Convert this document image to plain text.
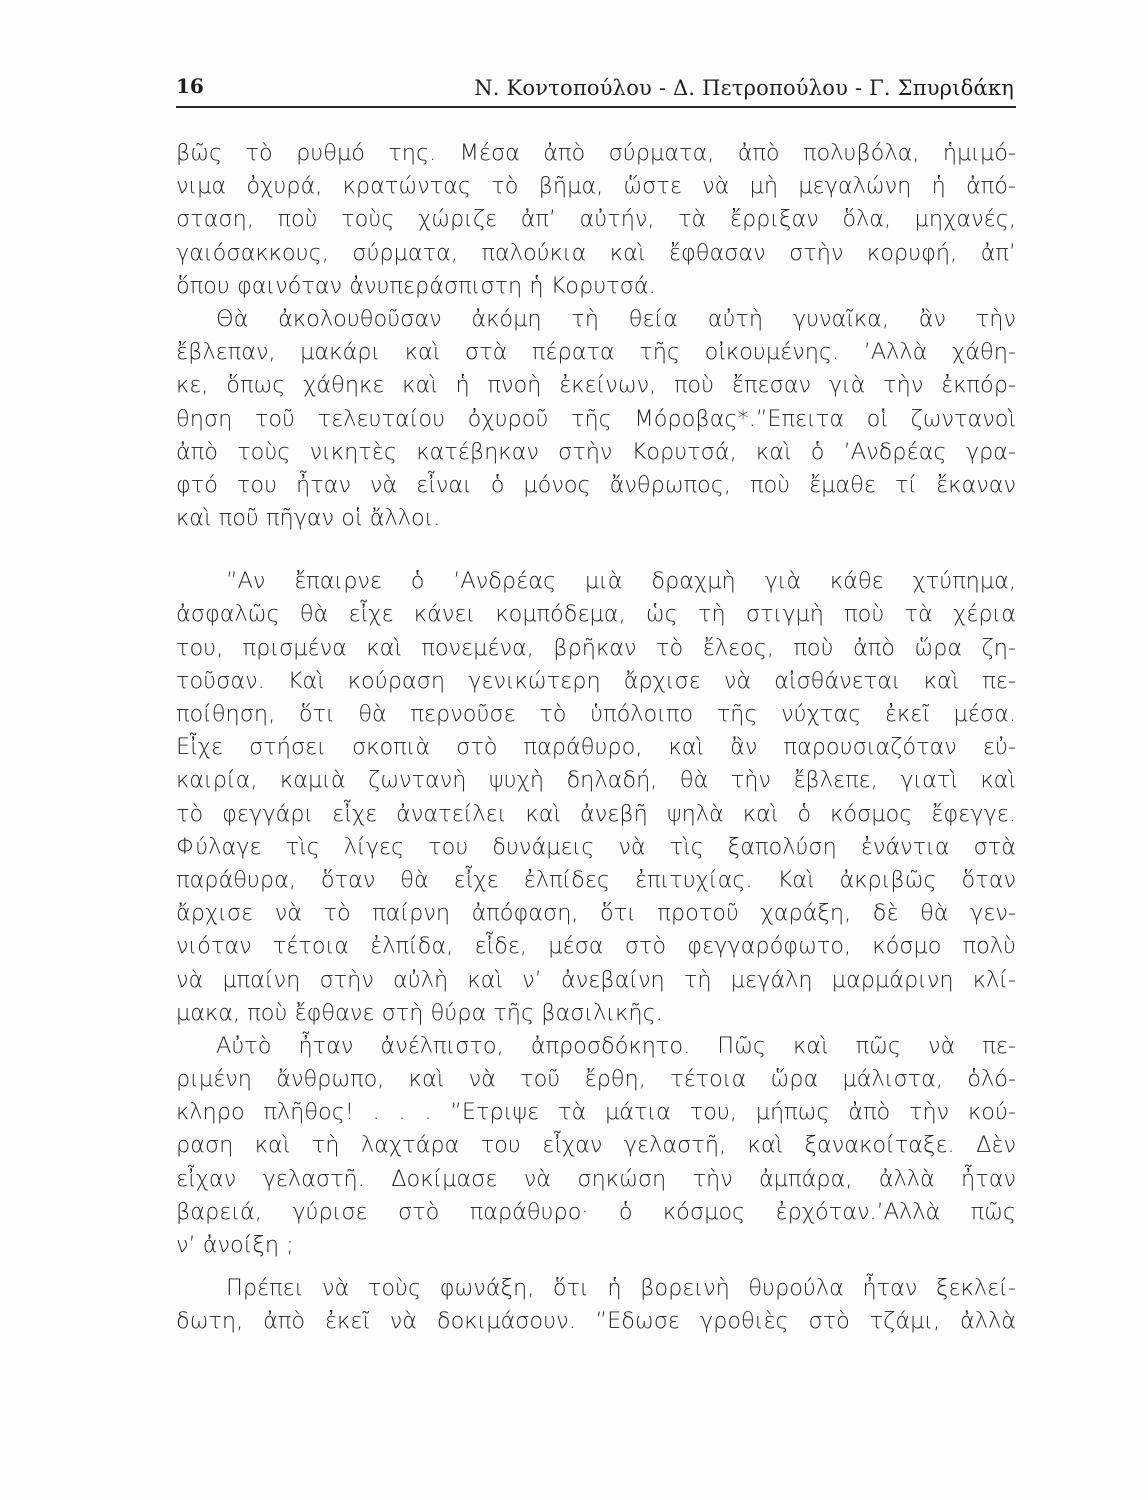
16	Ν. Κοντοπούλου - Δ. Πετροπούλου - Γ. Σπυριδάκη
βῶς τὸ ρυθμό της. Μέσα ἀπὸ σύρματα, ἀπὸ πολυβόλα, ἡμιμό-
νιμα ὀχυρά, κρατώντας τὸ βῆμα, ὥστε νὰ μὴ μεγαλώνη ἡ ἀπό-
σταση, ποὺ τοὺς χώριζε ἀπ’ αὐτήν, τὰ ἔρριξαν ὅλα, μηχανές,
γαιόσακκους, σύρματα, παλούκια καὶ ἔφθασαν στὴν κορυφή, ἀπ’
ὅπου φαινόταν ἀνυπεράσπιστη ἡ Κορυτσά.
Θὰ ἀκολουθοῦσαν ἀκόμη τὴ θεία αὐτὴ γυναῖκα, ἂν τὴν
ἔβλεπαν, μακάρι καὶ στὰ πέρατα τῆς οἰκουμένης. ’Αλλὰ χάθη-
κε, ὅπως χάθηκε καὶ ἡ πνοὴ ἐκείνων, ποὺ ἔπεσαν γιὰ τὴν ἐκπόρ-
θηση τοῦ τελευταίου ὀχυροῦ τῆς Μόροβας*.”Επειτα οἱ ζωντανοὶ
ἀπὸ τοὺς νικητὲς κατέβηκαν στὴν Κορυτσά, καὶ ὁ ’Ανδρέας γρα-
φτό του ἦταν νὰ εἶναι ὁ μόνος ἄνθρωπος, ποὺ ἔμαθε τί ἔκαναν
καὶ ποῦ πῆγαν οἱ ἄλλοι.
”Αν ἔπαιρνε ὁ ’Ανδρέας μιὰ δραχμὴ γιὰ κάθε χτύπημα,
ἀσφαλῶς θὰ εἶχε κάνει κομπόδεμα, ὡς τὴ στιγμὴ ποὺ τὰ χέρια
του, πρισμένα καὶ πονεμένα, βρῆκαν τὸ ἔλεος, ποὺ ἀπὸ ὥρα ζη-
τοῦσαν. Καὶ κούραση γενικώτερη ἄρχισε νὰ αἰσθάνεται καὶ πε-
ποίθηση, ὅτι θὰ περνοῦσε τὸ ὑπόλοιπο τῆς νύχτας ἐκεῖ μέσα.
Εἶχε στήσει σκοπιὰ στὸ παράθυρο, καὶ ἂν παρουσιαζόταν εὐ-
καιρία, καμιὰ ζωντανὴ ψυχὴ δηλαδή, θὰ τὴν ἔβλεπε, γιατὶ καὶ
τὸ φεγγάρι εἶχε ἀνατείλει καὶ ἀνεβῆ ψηλὰ καὶ ὁ κόσμος ἔφεγγε.
Φύλαγε τὶς λίγες του δυνάμεις νὰ τὶς ξαπολύση ἐνάντια στὰ
παράθυρα, ὅταν θὰ εἶχε ἐλπίδες ἐπιτυχίας. Καὶ ἀκριβῶς ὅταν
ἄρχισε νὰ τὸ παίρνη ἀπόφαση, ὅτι προτοῦ χαράξη, δὲ θὰ γεν-
νιόταν τέτοια ἐλπίδα, εἶδε, μέσα στὸ φεγγαρόφωτο, κόσμο πολὺ
νὰ μπαίνη στὴν αὐλὴ καὶ ν’ ἀνεβαίνη τὴ μεγάλη μαρμάρινη κλί-
μακα, ποὺ ἔφθανε στὴ θύρα τῆς βασιλικῆς.
Αὐτὸ ἦταν ἀνέλπιστο, ἀπροσδόκητο. Πῶς καὶ πῶς νὰ πε-
ριμένη ἄνθρωπο, καὶ νὰ τοῦ ἔρθη, τέτοια ὥρα μάλιστα, ὁλό-
κληρο πλῆθος! . . . ”Ετριψε τὰ μάτια του, μήπως ἀπὸ τὴν κού-
ραση καὶ τὴ λαχτάρα του εἶχαν γελαστῆ, καὶ ξανακοίταξε. Δὲν
εἶχαν γελαστῆ. Δοκίμασε νὰ σηκώση τὴν ἀμπάρα, ἀλλὰ ἦταν
βαρειά, γύρισε στὸ παράθυρο· ὁ κόσμος ἐρχόταν.’Αλλὰ πῶς
ν’ ἀνοίξη ;
Πρέπει νὰ τοὺς φωνάξη, ὅτι ἡ βορεινὴ θυρούλα ἦταν ξεκλεί-
δωτη, ἀπὸ ἐκεῖ νὰ δοκιμάσουν. ”Εδωσε γροθιὲς στὸ τζάμι, ἀλλὰ
